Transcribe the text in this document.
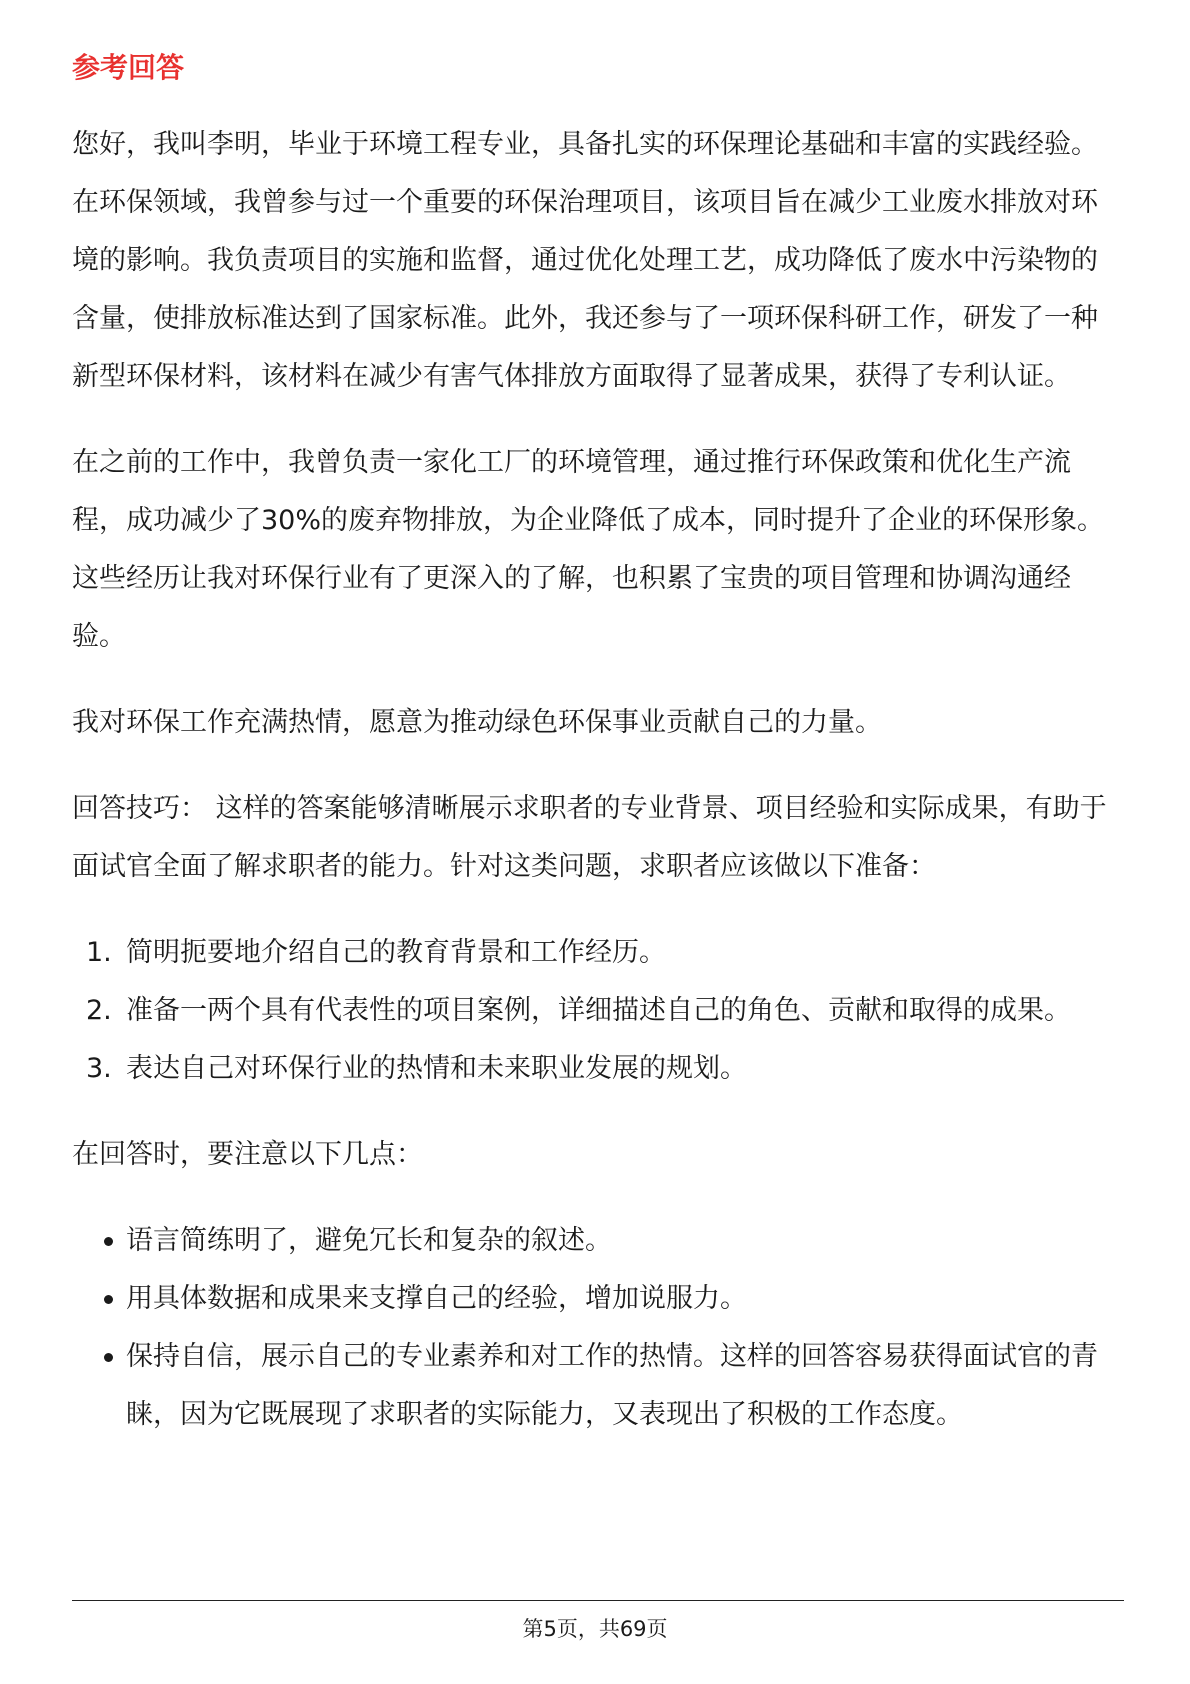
参考回答

您好，我叫李明，毕业于环境工程专业，具备扎实的环保理论基础和丰富的实践经验。在环保领域，我曾参与过一个重要的环保治理项目，该项目旨在减少工业废水排放对环境的影响。我负责项目的实施和监督，通过优化处理工艺，成功降低了废水中污染物的含量，使排放标准达到了国家标准。此外，我还参与了一项环保科研工作，研发了一种新型环保材料，该材料在减少有害气体排放方面取得了显著成果，获得了专利认证。

在之前的工作中，我曾负责一家化工厂的环境管理，通过推行环保政策和优化生产流程，成功减少了30%的废弃物排放，为企业降低了成本，同时提升了企业的环保形象。这些经历让我对环保行业有了更深入的了解，也积累了宝贵的项目管理和协调沟通经验。

我对环保工作充满热情，愿意为推动绿色环保事业贡献自己的力量。

回答技巧： 这样的答案能够清晰展示求职者的专业背景、项目经验和实际成果，有助于面试官全面了解求职者的能力。针对这类问题，求职者应该做以下准备：

1. 简明扼要地介绍自己的教育背景和工作经历。
2. 准备一两个具有代表性的项目案例，详细描述自己的角色、贡献和取得的成果。
3. 表达自己对环保行业的热情和未来职业发展的规划。

在回答时，要注意以下几点：

语言简练明了，避免冗长和复杂的叙述。
用具体数据和成果来支撑自己的经验，增加说服力。
保持自信，展示自己的专业素养和对工作的热情。这样的回答容易获得面试官的青睐，因为它既展现了求职者的实际能力，又表现出了积极的工作态度。
第5页，共69页
